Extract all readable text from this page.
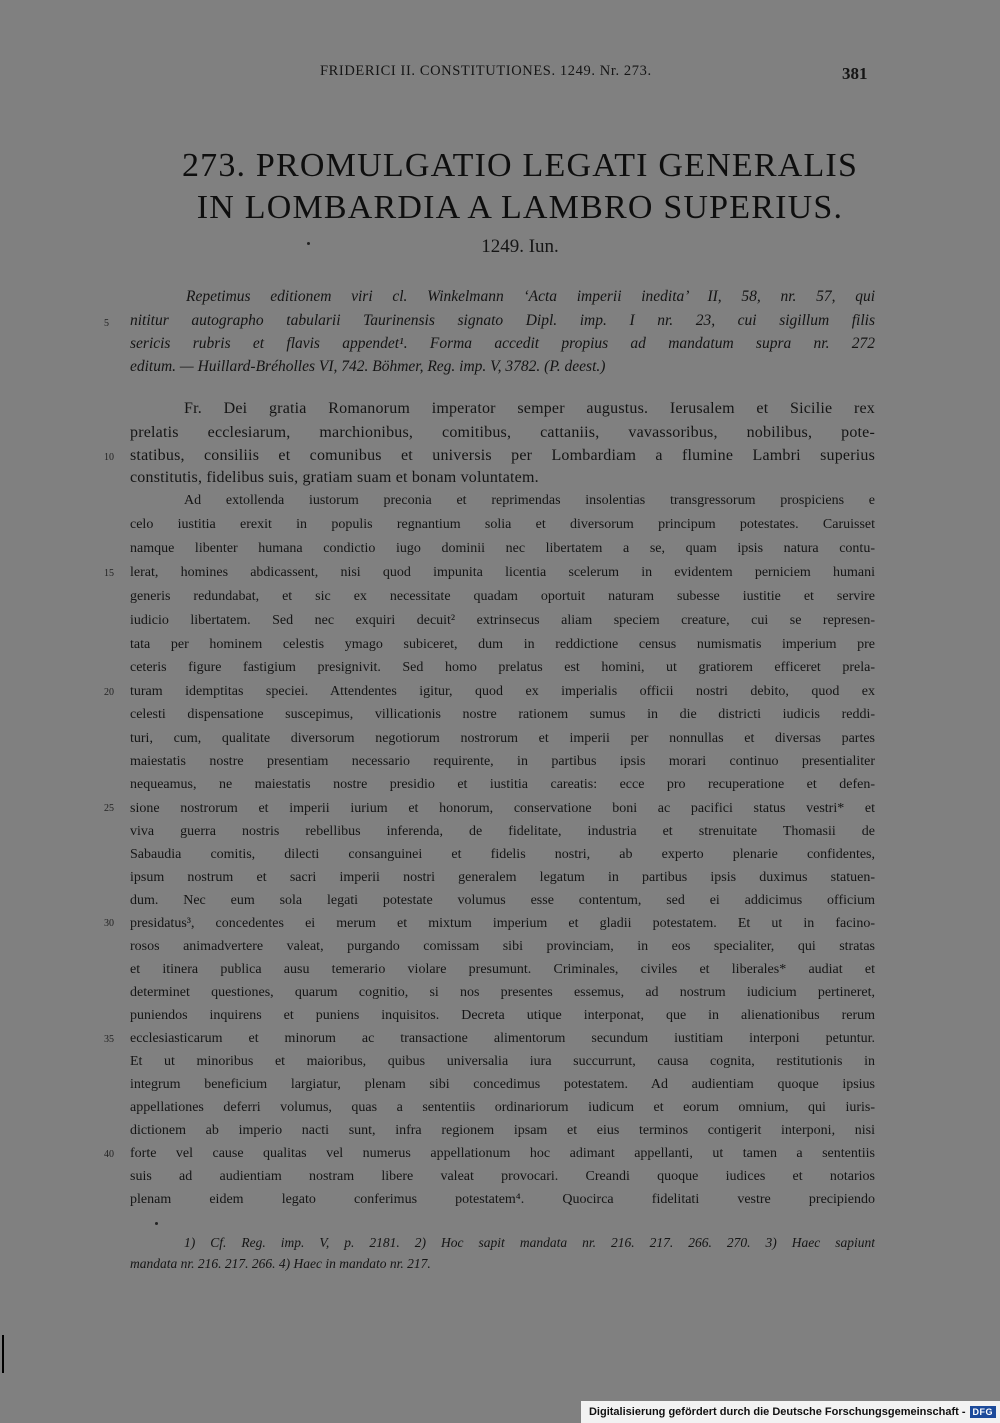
FRIDERICI II. CONSTITUTIONES. 1249. Nr. 273.	381
273. PROMULGATIO LEGATI GENERALIS
IN LOMBARDIA A LAMBRO SUPERIUS.
1249. Iun.
Repetimus editionem viri cl. Winkelmann ‘Acta imperii inedita’ II, 58, nr. 57, qui
nititur autographo tabularii Taurinensis signato Dipl. imp. I nr. 23, cui sigillum filis
sericis rubris et flavis appendet¹. Forma accedit propius ad mandatum supra nr. 272
editum. — Huillard-Bréholles VI, 742. Böhmer, Reg. imp. V, 3782. (P. deest.)
Fr. Dei gratia Romanorum imperator semper augustus. Ierusalem et Sicilie rex
prelatis ecclesiarum, marchionibus, comitibus, cattaniis, vavassoribus, nobilibus, pote-
statibus, consiliis et comunibus et universis per Lombardiam a flumine Lambri superius
constitutis, fidelibus suis, gratiam suam et bonam voluntatem.
Ad extollenda iustorum preconia et reprimendas insolentias transgressorum prospiciens e
celo iustitia erexit in populis regnantium solia et diversorum principum potestates. Caruisset
namque libenter humana condictio iugo dominii nec libertatem a se, quam ipsis natura contu-
lerat, homines abdicassent, nisi quod impunita licentia scelerum in evidentem perniciem humani
generis redundabat, et sic ex necessitate quadam oportuit naturam subesse iustitie et servire
iudicio libertatem. Sed nec exquiri decuit² extrinsecus aliam speciem creature, cui se represen-
tata per hominem celestis ymago subiceret, dum in reddictione census numismatis imperium pre
ceteris figure fastigium presignivit. Sed homo prelatus est homini, ut gratiorem efficeret prela-
turam idemptitas speciei. Attendentes igitur, quod ex imperialis officii nostri debito, quod ex
celesti dispensatione suscepimus, villicationis nostre rationem sumus in die districti iudicis reddi-
turi, cum, qualitate diversorum negotiorum nostrorum et imperii per nonnullas et diversas partes
maiestatis nostre presentiam necessario requirente, in partibus ipsis morari continuo presentialiter
nequeamus, ne maiestatis nostre presidio et iustitia careatis: ecce pro recuperatione et defen-
sione nostrorum et imperii iurium et honorum, conservatione boni ac pacifici status vestri* et
viva guerra nostris rebellibus inferenda, de fidelitate, industria et strenuitate Thomasii de
Sabaudia comitis, dilecti consanguinei et fidelis nostri, ab experto plenarie confidentes,
ipsum nostrum et sacri imperii nostri generalem legatum in partibus ipsis duximus statuen-
dum. Nec eum sola legati potestate volumus esse contentum, sed ei addicimus officium
presidatus³, concedentes ei merum et mixtum imperium et gladii potestatem. Et ut in facino-
rosos animadvertere valeat, purgando comissam sibi provinciam, in eos specialiter, qui stratas
et itinera publica ausu temerario violare presumunt. Criminales, civiles et liberales* audiat et
determinet questiones, quarum cognitio, si nos presentes essemus, ad nostrum iudicium pertineret,
puniendos inquirens et puniens inquisitos. Decreta utique interponat, que in alienationibus rerum
ecclesiasticarum et minorum ac transactione alimentorum secundum iustitiam interponi petuntur.
Et ut minoribus et maioribus, quibus universalia iura succurrunt, causa cognita, restitutionis in
integrum beneficium largiatur, plenam sibi concedimus potestatem. Ad audientiam quoque ipsius
appellationes deferri volumus, quas a sententiis ordinariorum iudicum et eorum omnium, qui iuris-
dictionem ab imperio nacti sunt, infra regionem ipsam et eius terminos contigerit interponi, nisi
forte vel cause qualitas vel numerus appellationum hoc adimant appellanti, ut tamen a sententiis
suis ad audientiam nostram libere valeat provocari. Creandi quoque iudices et notarios
plenam eidem legato conferimus potestatem⁴. Quocirca fidelitati vestre precipiendo
5
10
15
20
25
30
35
40
1) Cf. Reg. imp. V, p. 2181. 2) Hoc sapit mandata nr. 216. 217. 266. 270. 3) Haec sapiunt
mandata nr. 216. 217. 266. 4) Haec in mandato nr. 217.
Digitalisierung gefördert durch die Deutsche Forschungsgemeinschaft - DFG
